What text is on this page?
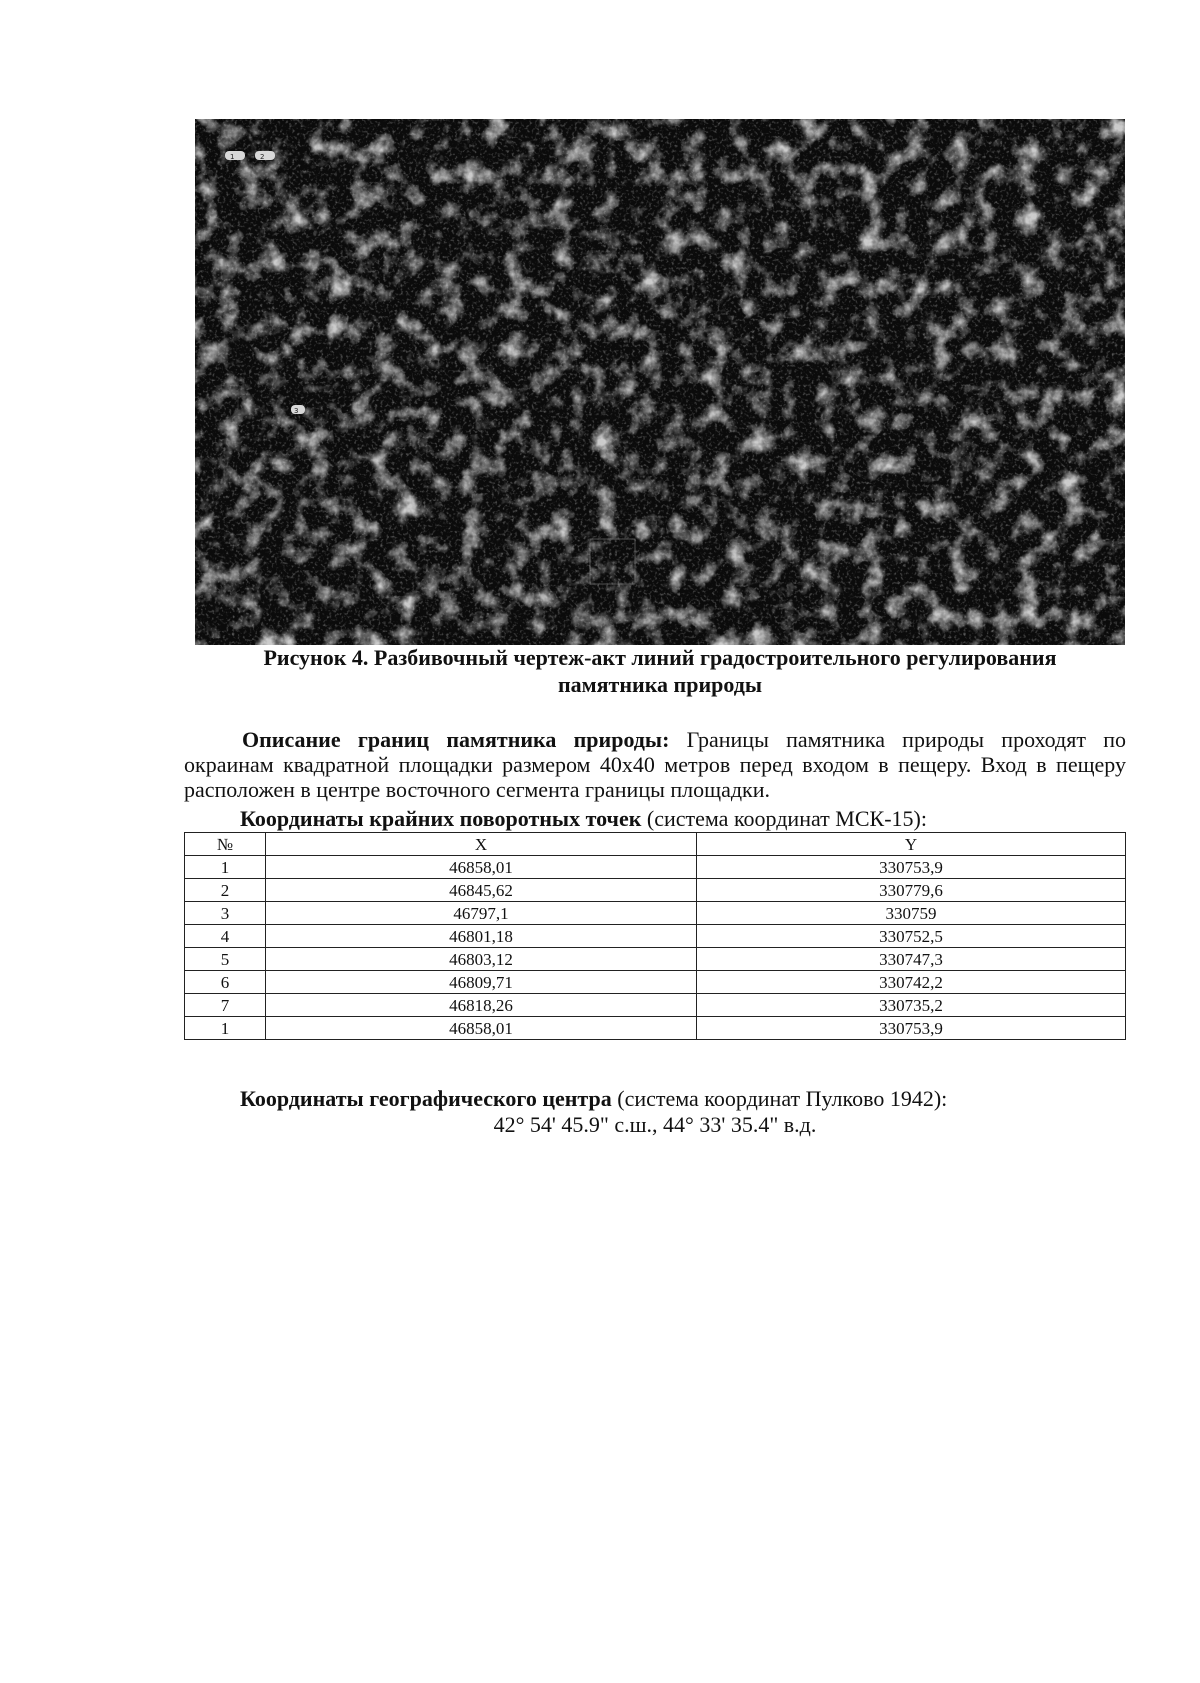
1	2
3
Рисунок 4. Разбивочный чертеж-акт линий градостроительного регулирования
памятника природы

Описание границ памятника природы: Границы памятника природы проходят по окраинам квадратной площадки размером 40х40 метров перед входом в пещеру. Вход в пещеру расположен в центре восточного сегмента границы площадки.

Координаты крайних поворотных точек (система координат МСК-15):
№	X	Y
1	46858,01	330753,9
2	46845,62	330779,6
3	46797,1	330759
4	46801,18	330752,5
5	46803,12	330747,3
6	46809,71	330742,2
7	46818,26	330735,2
1	46858,01	330753,9
Координаты географического центра (система координат Пулково 1942):
42° 54' 45.9" с.ш., 44° 33' 35.4" в.д.
